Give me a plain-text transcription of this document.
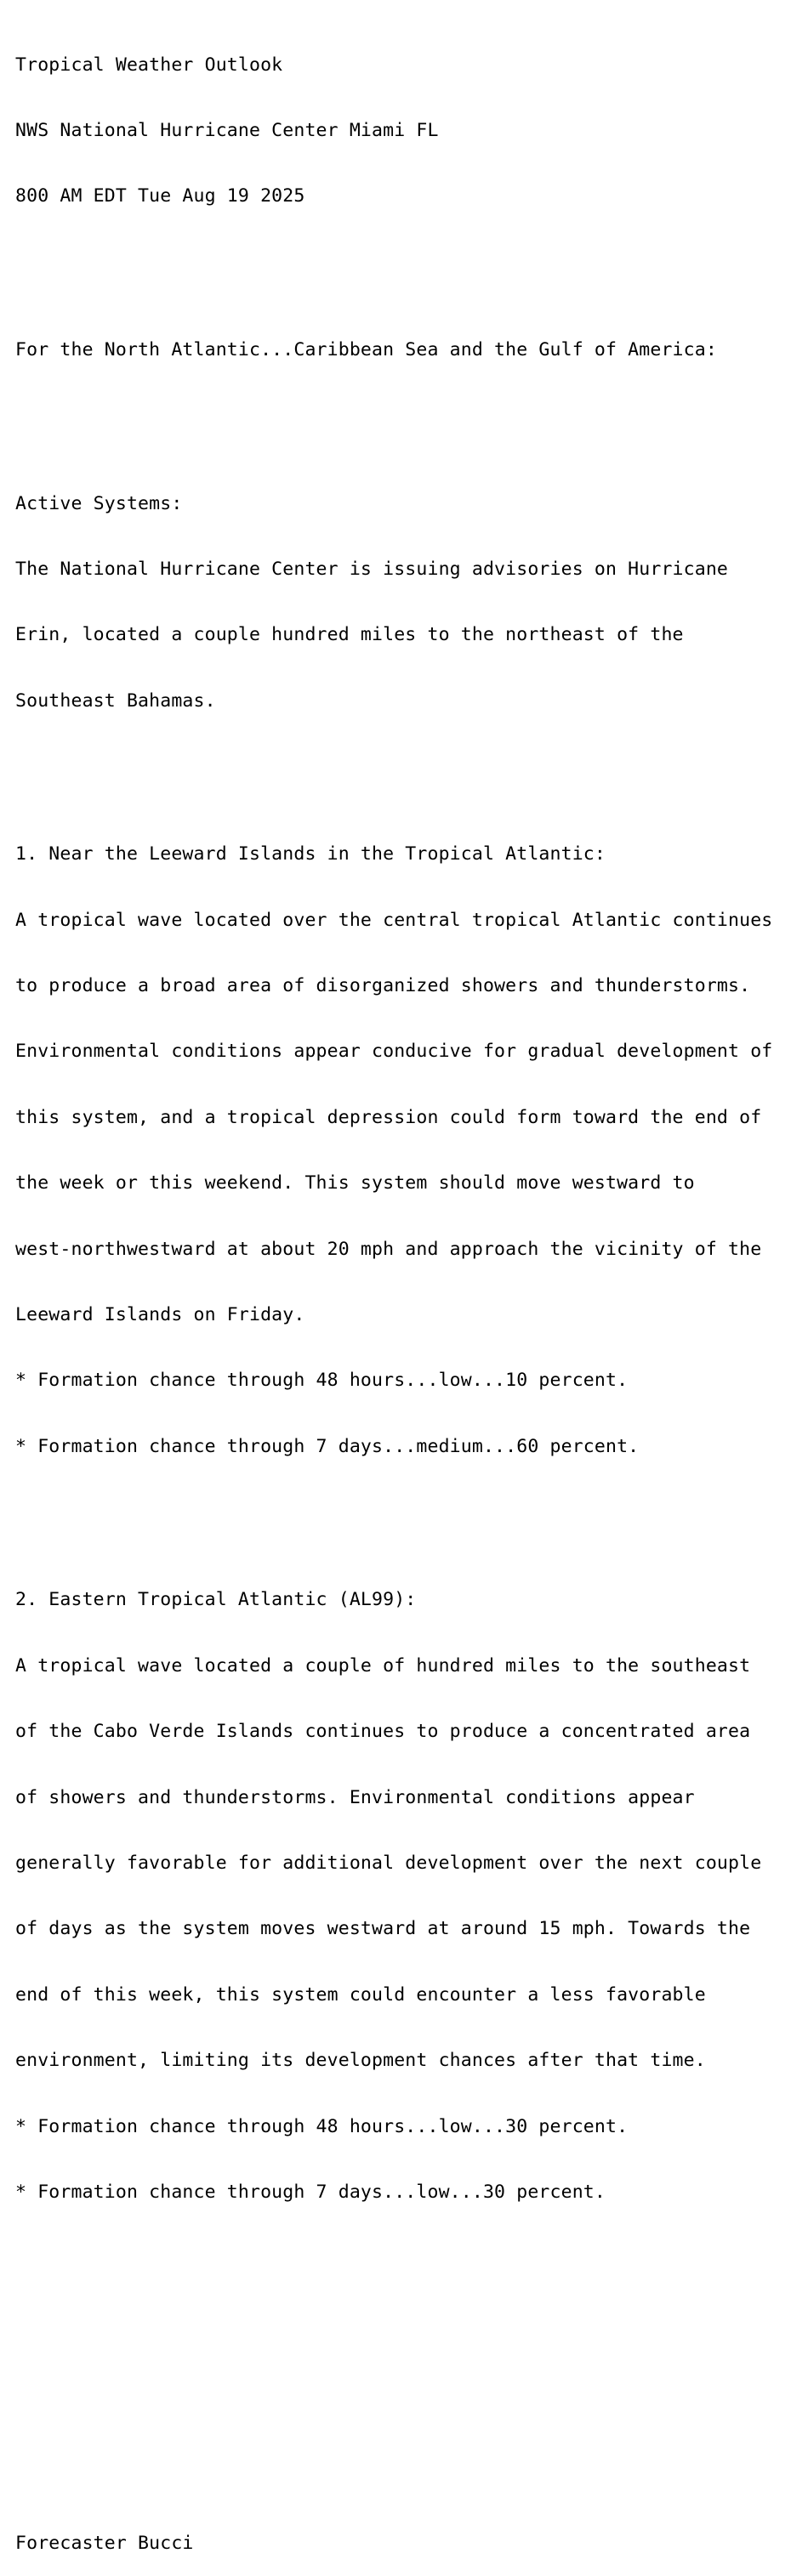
Tropical Weather Outlook

NWS National Hurricane Center Miami FL

800 AM EDT Tue Aug 19 2025

For the North Atlantic...Caribbean Sea and the Gulf of America:

Active Systems:

The National Hurricane Center is issuing advisories on Hurricane

Erin, located a couple hundred miles to the northeast of the

Southeast Bahamas.

1. Near the Leeward Islands in the Tropical Atlantic:

A tropical wave located over the central tropical Atlantic continues

to produce a broad area of disorganized showers and thunderstorms.

Environmental conditions appear conducive for gradual development of

this system, and a tropical depression could form toward the end of

the week or this weekend. This system should move westward to

west-northwestward at about 20 mph and approach the vicinity of the

Leeward Islands on Friday.

* Formation chance through 48 hours...low...10 percent.

* Formation chance through 7 days...medium...60 percent.

2. Eastern Tropical Atlantic (AL99):

A tropical wave located a couple of hundred miles to the southeast

of the Cabo Verde Islands continues to produce a concentrated area

of showers and thunderstorms. Environmental conditions appear

generally favorable for additional development over the next couple

of days as the system moves westward at around 15 mph. Towards the

end of this week, this system could encounter a less favorable

environment, limiting its development chances after that time.

* Formation chance through 48 hours...low...30 percent.

* Formation chance through 7 days...low...30 percent.

Forecaster Bucci
